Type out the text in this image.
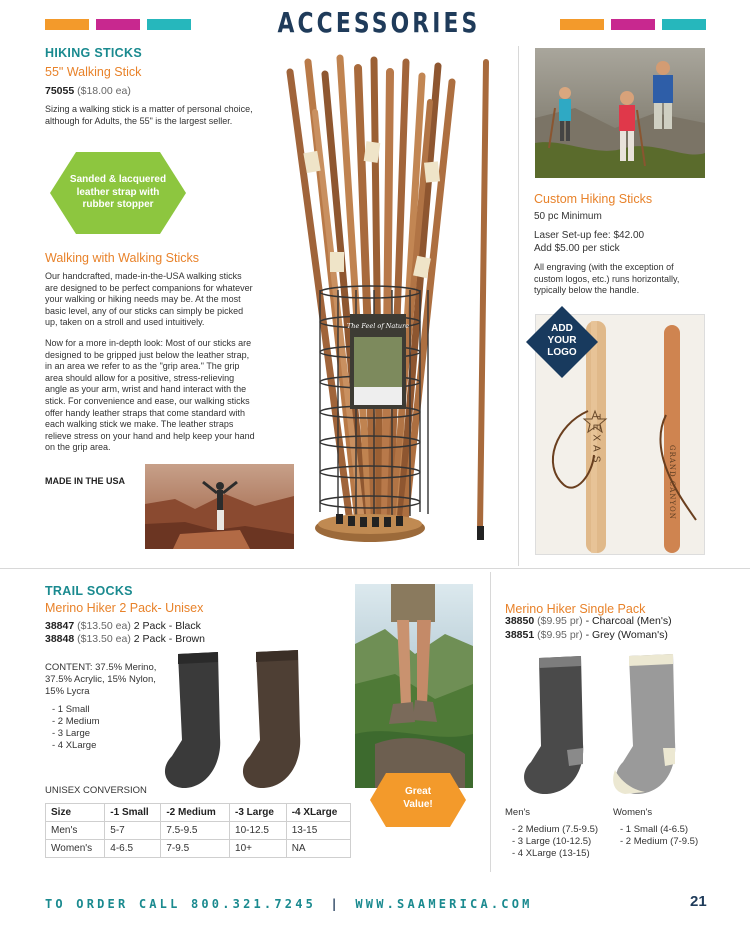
ACCESSORIES
HIKING STICKS
55" Walking Stick
75055 ($18.00 ea)
Sizing a walking stick is a matter of personal choice, although for Adults, the 55" is the largest seller.
Sanded & lacquered leather strap with rubber stopper
Walking with Walking Sticks
Our handcrafted, made-in-the-USA walking sticks are designed to be perfect companions for whatever your walking or hiking needs may be. At the most basic level, any of our sticks can simply be picked up, taken on a stroll and used intuitively.
Now for a more in-depth look: Most of our sticks are designed to be gripped just below the leather strap, in an area we refer to as the "grip area." The grip area should allow for a positive, stress-relieving angle as your arm, wrist and hand interact with the stick. For convenience and ease, our walking sticks offer handy leather straps that come standard with each walking stick we make. The leather straps relieve stress on your hand and help keep your hand on the grip area.
MADE IN THE USA
The Feel of Nature
Custom Hiking Sticks
50 pc Minimum
Laser Set-up fee: $42.00
Add $5.00 per stick
All engraving (with the exception of custom logos, etc.) runs horizontally, typically below the handle.
TEXAS
GRAND CANYON
ADD
YOUR
LOGO
TRAIL SOCKS
Merino Hiker 2 Pack- Unisex
38847 ($13.50 ea) 2 Pack - Black
38848 ($13.50 ea) 2 Pack - Brown
CONTENT: 37.5% Merino, 37.5% Acrylic, 15% Nylon, 15% Lycra
- 1 Small
- 2 Medium
- 3 Large
- 4 XLarge
Great Value!
UNISEX CONVERSION
Size	-1 Small	-2 Medium	-3 Large	-4 XLarge
Men's	5-7	7.5-9.5	10-12.5	13-15
Women's	4-6.5	7-9.5	10+	NA
Merino Hiker Single Pack
38850 ($9.95 pr) - Charcoal (Men's)
38851 ($9.95 pr) - Grey (Woman's)
Men's	Women's
- 2 Medium (7.5-9.5)
- 3 Large (10-12.5)
- 4 XLarge (13-15)
- 1 Small (4-6.5)
- 2 Medium (7-9.5)
TO ORDER CALL 800.321.7245 | WWW.SAAMERICA.COM	21
